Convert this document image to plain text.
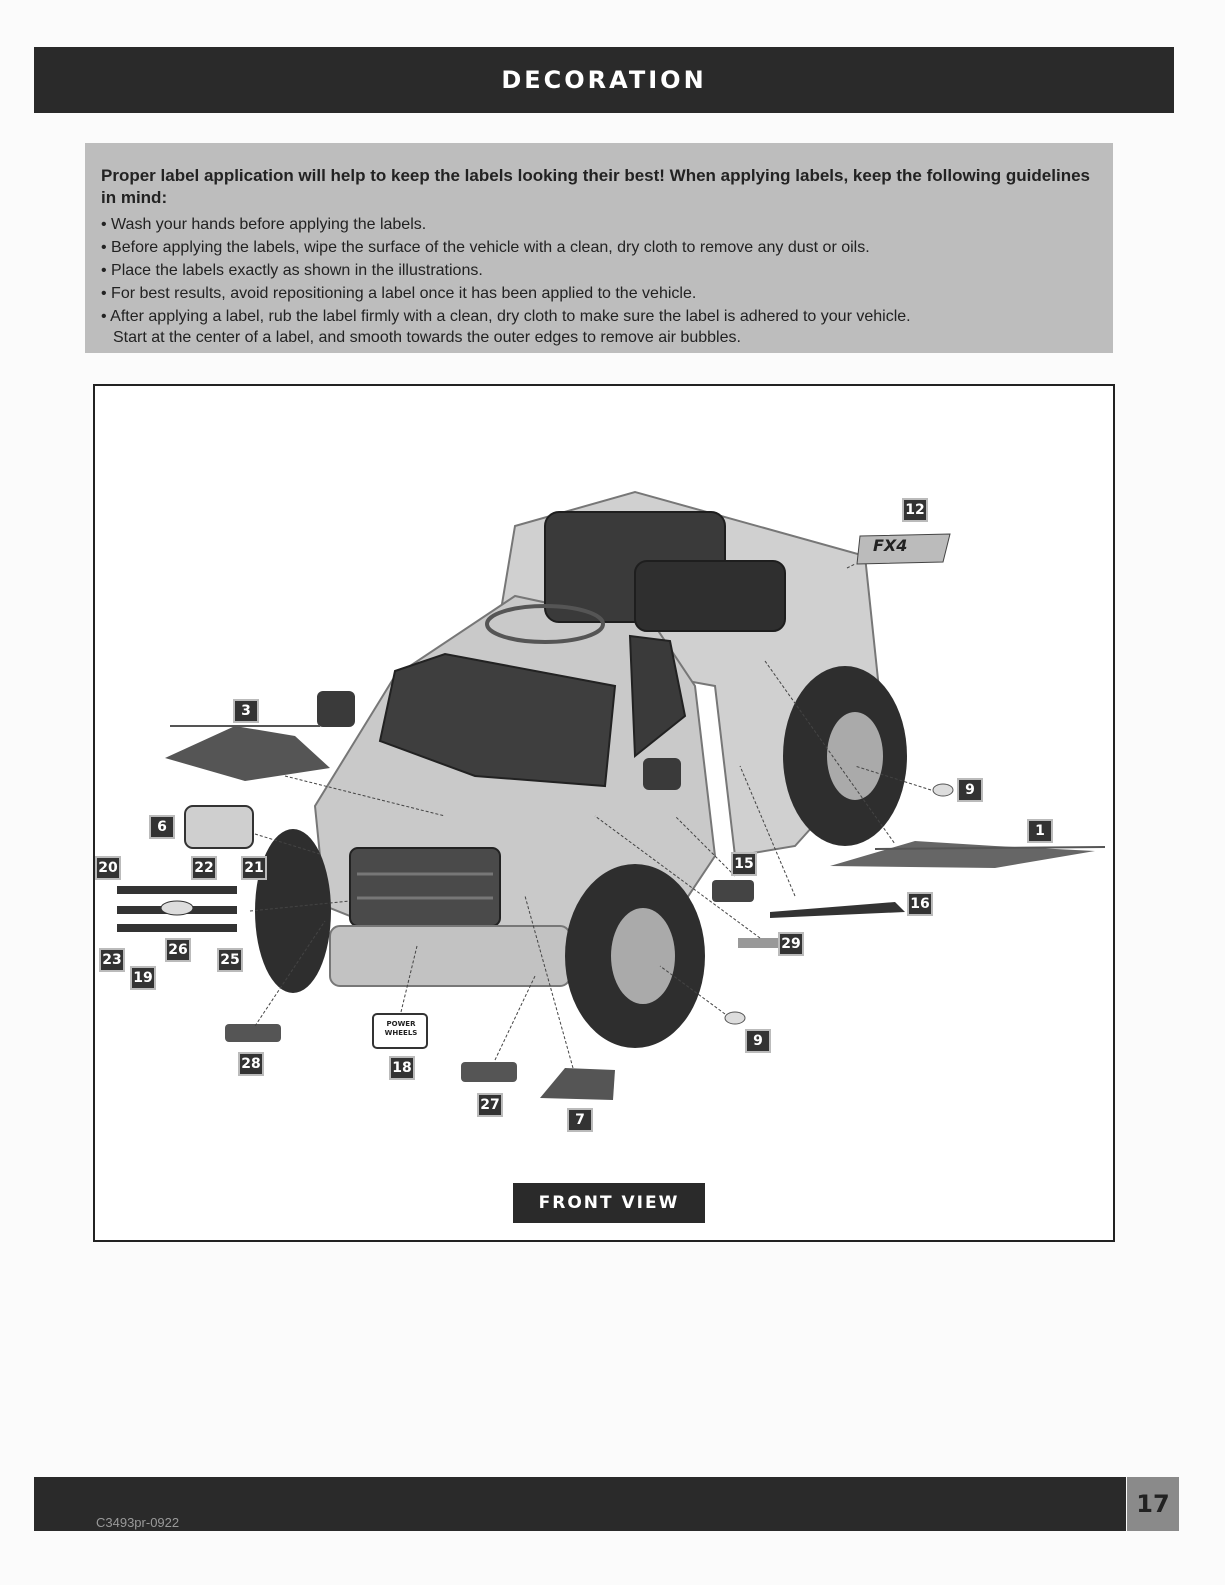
DECORATION
Proper label application will help to keep the labels looking their best! When applying labels, keep the following guidelines in mind:
• Wash your hands before applying the labels.
• Before applying the labels, wipe the surface of the vehicle with a clean, dry cloth to remove any dust or oils.
• Place the labels exactly as shown in the illustrations.
• For best results, avoid repositioning a label once it has been applied to the vehicle.
• After applying a label, rub the label firmly with a clean, dry cloth to make sure the label is adhered to your vehicle.
Start at the center of a label, and smooth towards the outer edges to remove air bubbles.
FX4
POWER WHEELS
12
3
9
1
6
20	22 21	15
16
29
23
26
25
19
9
28	18
27
7
FRONT VIEW
C3493pr-0922
17
